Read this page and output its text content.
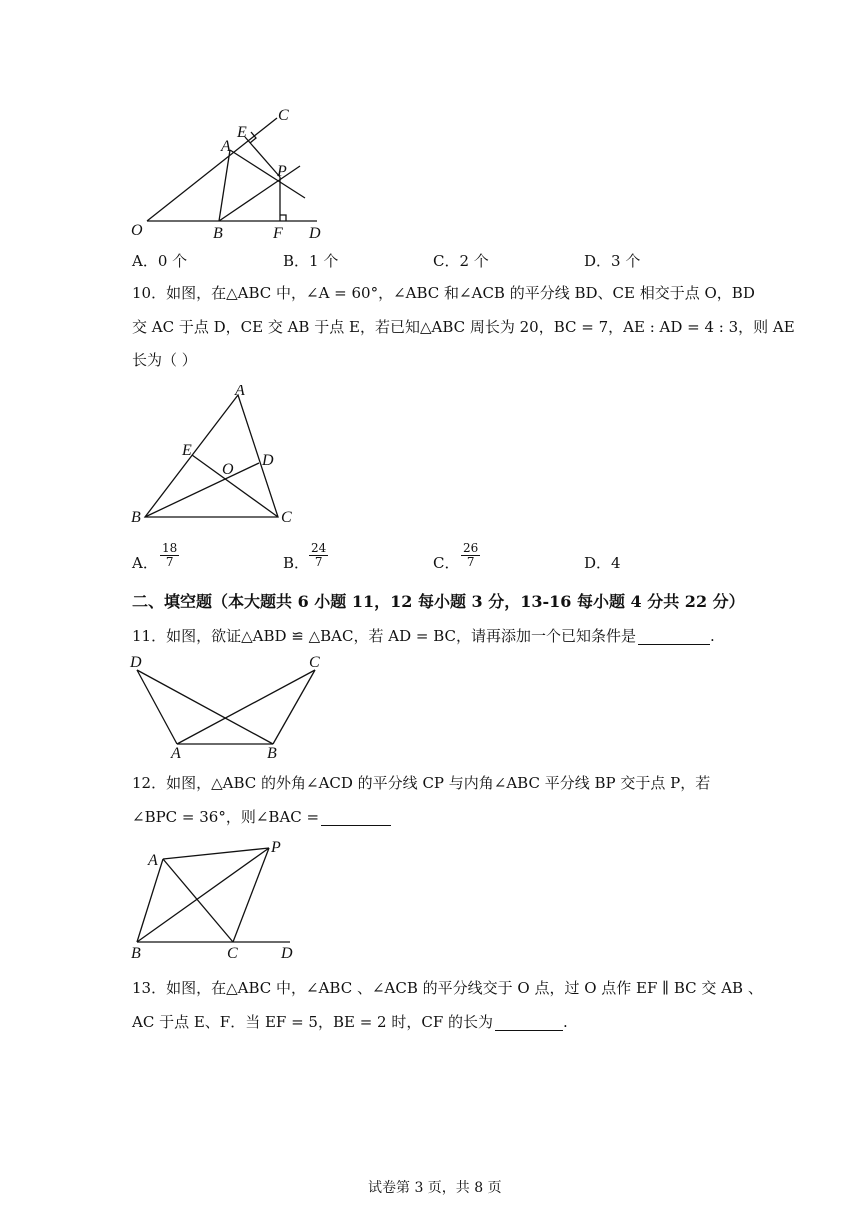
C
E
A
P
O	B	F D
A．0 个	B．1 个	C．2 个	D．3 个
10．如图，在△ABC 中，∠A = 60°，∠ABC 和∠ACB 的平分线 BD、CE 相交于点 O，BD
交 AC 于点 D，CE 交 AB 于点 E，若已知△ABC 周长为 20，BC = 7，AE : AD = 4 : 3，则 AE
长为（ ）
A
E
D
O
B	C
A． $\frac{18}{7}$	B． $\frac{24}{7}$	C． $\frac{26}{7}$	D．4
二、填空题（本大题共 6 小题 11，12 每小题 3 分，13-16 每小题 4 分共 22 分）
11．如图，欲证△ABD ≌ △BAC，若 AD = BC，请再添加一个已知条件是	.
D	C
A	B
12．如图，△ABC 的外角∠ACD 的平分线 CP 与内角∠ABC 平分线 BP 交于点 P，若
∠BPC = 36°，则∠BAC =
A
P
B	C	D
13．如图，在△ABC 中，∠ABC 、∠ACB 的平分线交于 O 点，过 O 点作 EF ∥ BC 交 AB 、
AC 于点 E、F．当 EF = 5，BE = 2 时，CF 的长为	.
试卷第 3 页，共 8 页
